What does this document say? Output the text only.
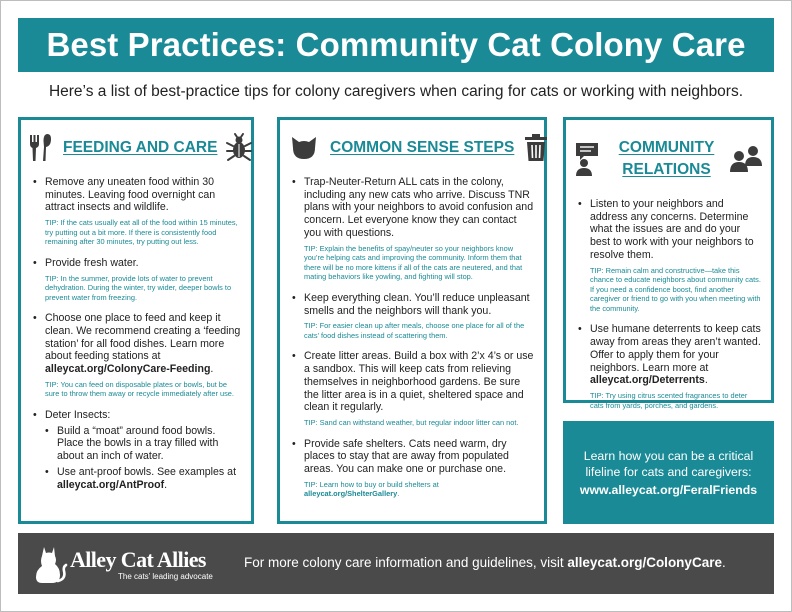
Best Practices: Community Cat Colony Care
Here’s a list of best-practice tips for colony caregivers when caring for cats or working with neighbors.
FEEDING AND CARE
• Remove any uneaten food within 30 minutes. Leaving food overnight can attract insects and wildlife.
TIP: If the cats usually eat all of the food within 15 minutes, try putting out a bit more. If there is consistently food remaining after 30 minutes, try putting out less.
• Provide fresh water.
TIP: In the summer, provide lots of water to prevent dehydration. During the winter, try wider, deeper bowls to prevent water from freezing.
• Choose one place to feed and keep it clean. We recommend creating a ‘feeding station’ for all food dishes. Learn more about feeding stations at alleycat.org/ColonyCare-Feeding.
TIP: You can feed on disposable plates or bowls, but be sure to throw them away or recycle immediately after use.
• Deter Insects:
• Build a “moat” around food bowls. Place the bowls in a tray filled with about an inch of water.
• Use ant-proof bowls. See examples at alleycat.org/AntProof.
COMMON SENSE STEPS
• Trap-Neuter-Return ALL cats in the colony, including any new cats who arrive. Discuss TNR plans with your neighbors to avoid confusion and concern. Let everyone know they can contact you with questions.
TIP: Explain the benefits of spay/neuter so your neighbors know you’re helping cats and improving the community. Inform them that there will be no more kittens if all of the cats are neutered, and that mating behaviors like yowling, and fighting will stop.
• Keep everything clean. You’ll reduce unpleasant smells and the neighbors will thank you.
TIP: For easier clean up after meals, choose one place for all of the cats’ food dishes instead of scattering them.
• Create litter areas. Build a box with 2’x 4’s or use a sandbox. This will keep cats from relieving themselves in neighborhood gardens. Be sure the litter area is in a quiet, sheltered space and clean it regularly.
TIP: Sand can withstand weather, but regular indoor litter can not.
• Provide safe shelters. Cats need warm, dry places to stay that are away from populated areas. You can make one or purchase one.
TIP: Learn how to buy or build shelters at alleycat.org/ShelterGallery.
COMMUNITY RELATIONS
• Listen to your neighbors and address any concerns. Determine what the issues are and do your best to work with your neighbors to resolve them.
TIP: Remain calm and constructive—take this chance to educate neighbors about community cats. If you need a confidence boost, find another caregiver or friend to go with you when meeting with the community.
• Use humane deterrents to keep cats away from areas they aren’t wanted. Offer to apply them for your neighbors. Learn more at alleycat.org/Deterrents.
TIP: Try using citrus scented fragrances to deter cats from yards, porches, and gardens.
Learn how you can be a critical lifeline for cats and caregivers:
www.alleycat.org/FeralFriends
Alley Cat Allies
The cats’ leading advocate
For more colony care information and guidelines, visit alleycat.org/ColonyCare.
